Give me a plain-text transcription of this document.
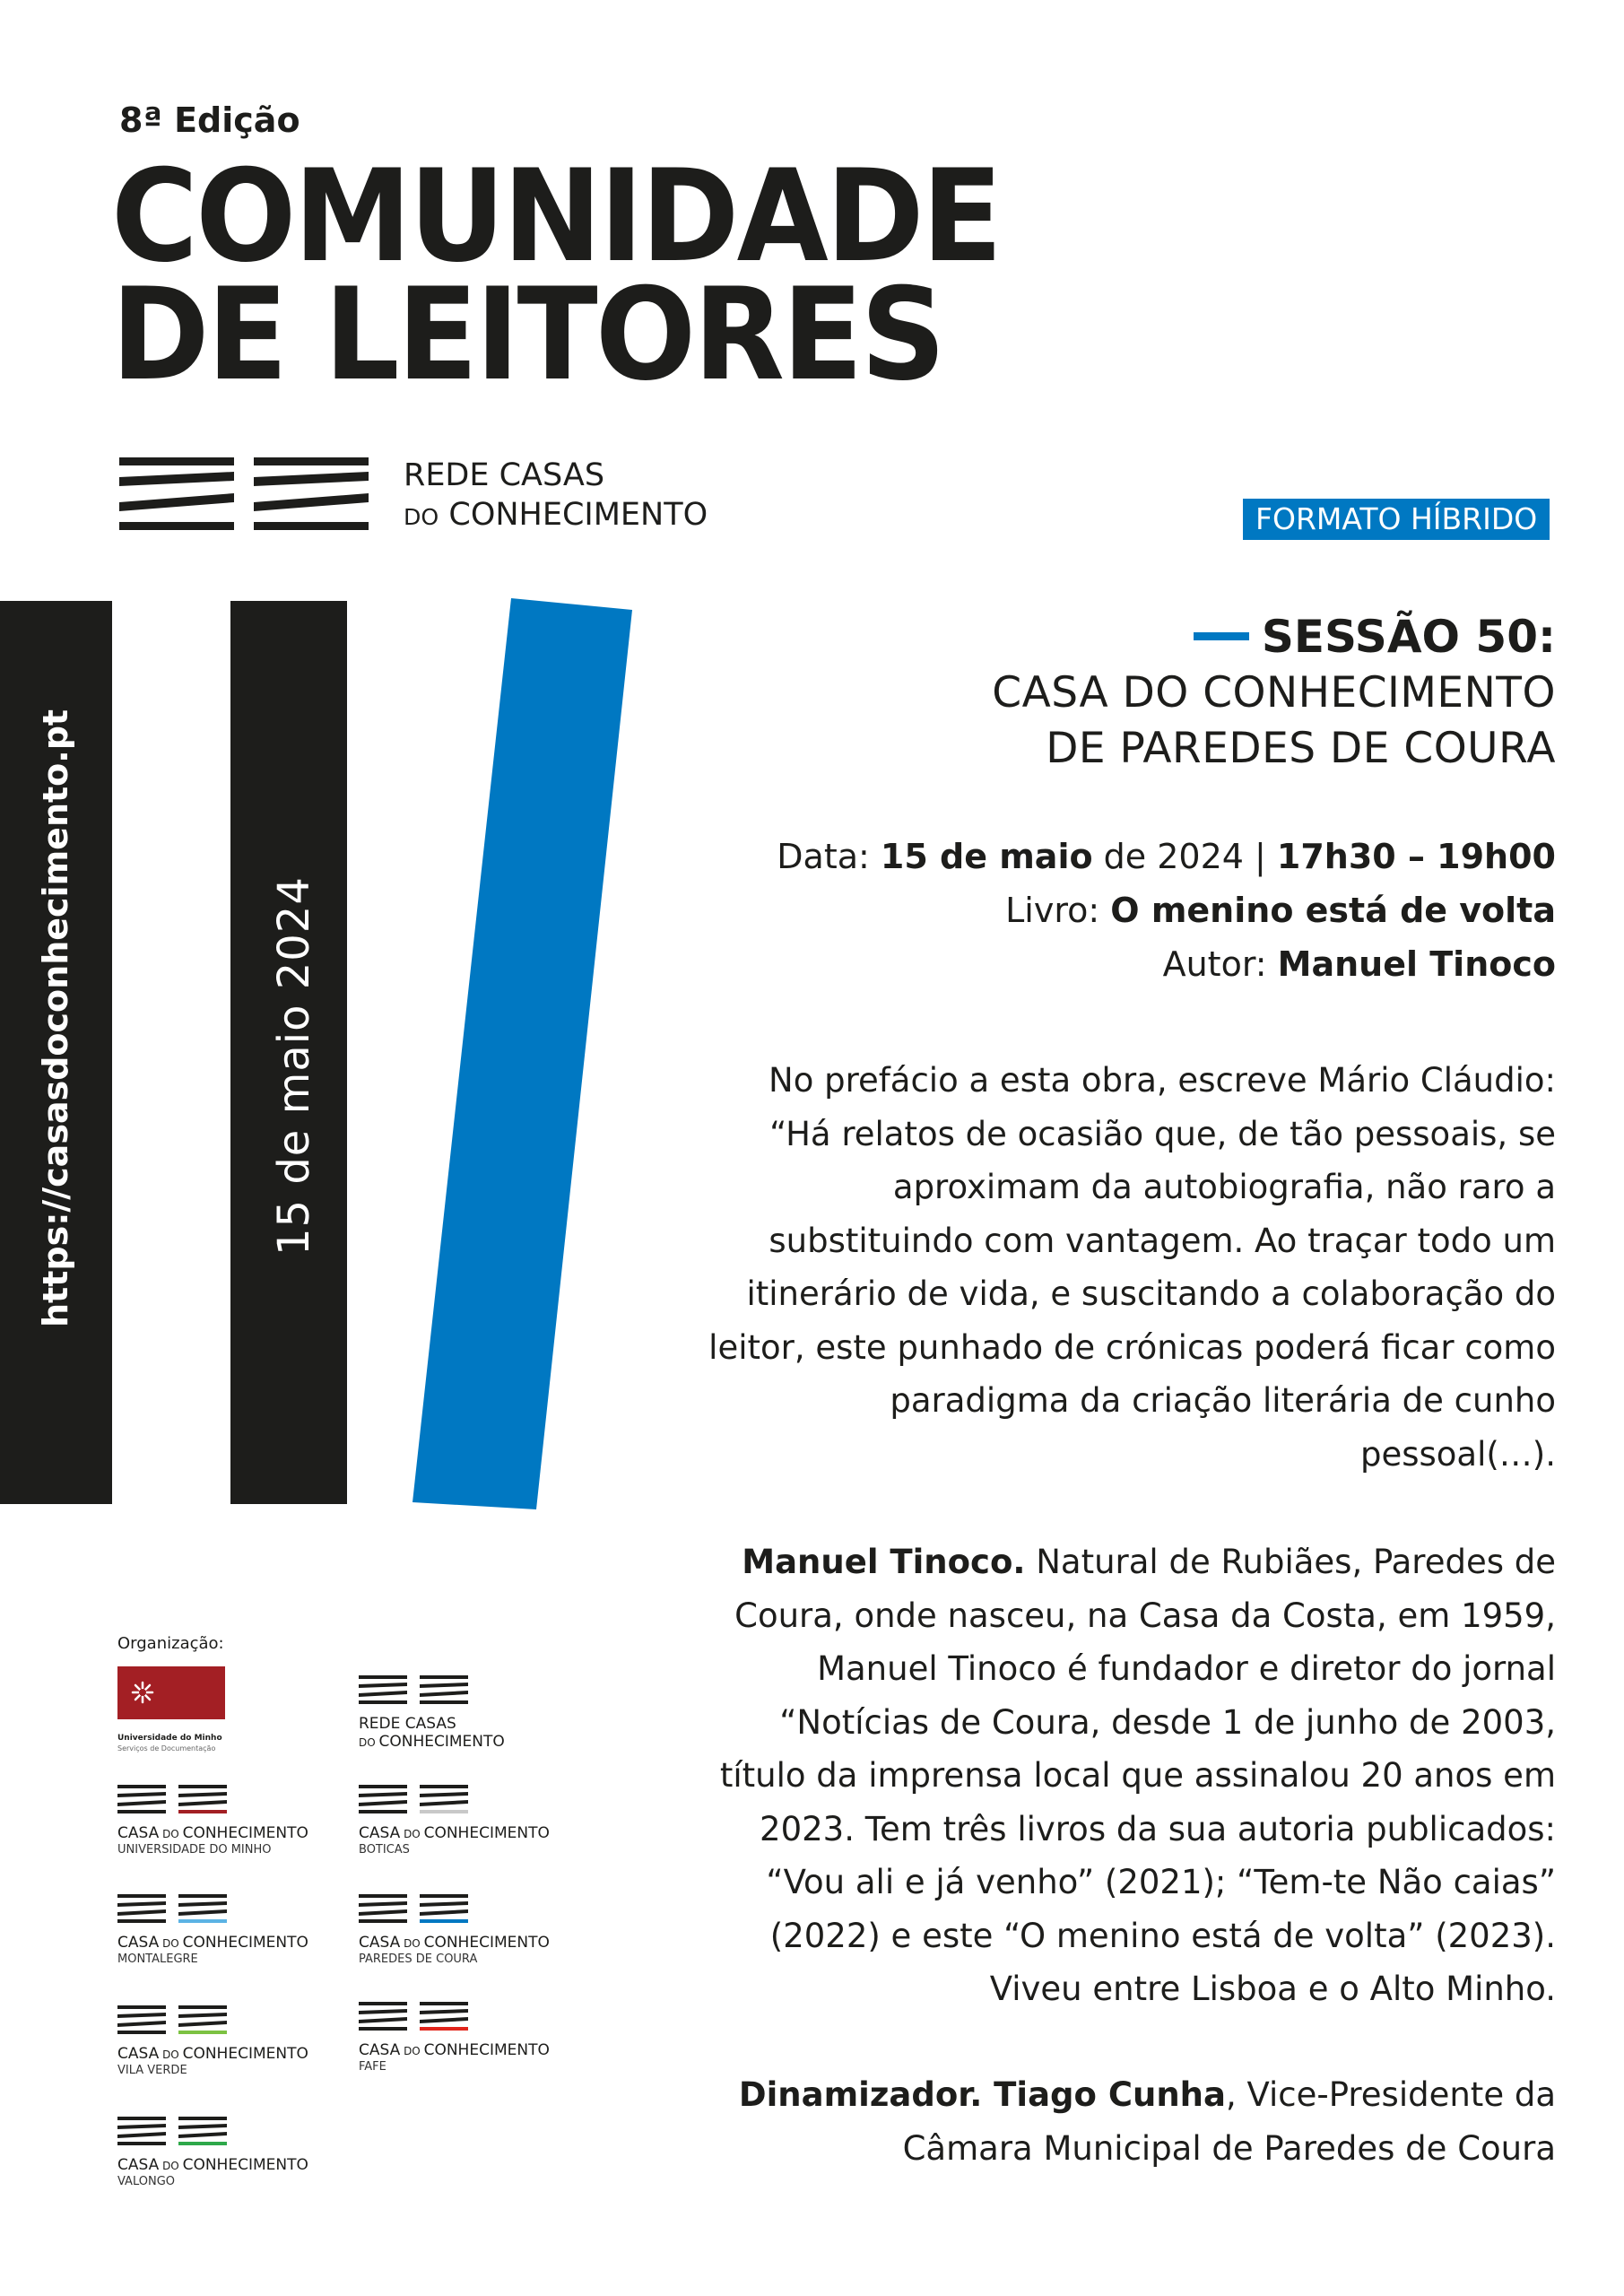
8ª Edição
COMUNIDADE
DE LEITORES
REDE CASAS
DO CONHECIMENTO	FORMATO HÍBRIDO
https://casasdoconhecimento.pt	15 de maio 2024
SESSÃO 50:
CASA DO CONHECIMENTO
DE PAREDES DE COURA
Data: 15 de maio de 2024 | 17h30 – 19h00
Livro: O menino está de volta
Autor: Manuel Tinoco
No prefácio a esta obra, escreve Mário Cláudio:
“Há relatos de ocasião que, de tão pessoais, se
aproximam da autobiografia, não raro a
substituindo com vantagem. Ao traçar todo um
itinerário de vida, e suscitando a colaboração do
leitor, este punhado de crónicas poderá ficar como
paradigma da criação literária de cunho
pessoal(…).
Manuel Tinoco. Natural de Rubiães, Paredes de
Coura, onde nasceu, na Casa da Costa, em 1959,
Manuel Tinoco é fundador e diretor do jornal
“Notícias de Coura, desde 1 de junho de 2003,
título da imprensa local que assinalou 20 anos em
2023. Tem três livros da sua autoria publicados:
“Vou ali e já venho” (2021); “Tem-te Não caias”
(2022) e este “O menino está de volta” (2023).
Viveu entre Lisboa e o Alto Minho.
Dinamizador. Tiago Cunha, Vice-Presidente da
Câmara Municipal de Paredes de Coura
Organização:
Universidade do Minho
Serviços de Documentação
REDE CASAS
DO CONHECIMENTO
CASA DO CONHECIMENTO
UNIVERSIDADE DO MINHO
CASA DO CONHECIMENTO
BOTICAS
CASA DO CONHECIMENTO
MONTALEGRE
CASA DO CONHECIMENTO
PAREDES DE COURA
CASA DO CONHECIMENTO
VILA VERDE
CASA DO CONHECIMENTO
FAFE
CASA DO CONHECIMENTO
VALONGO
